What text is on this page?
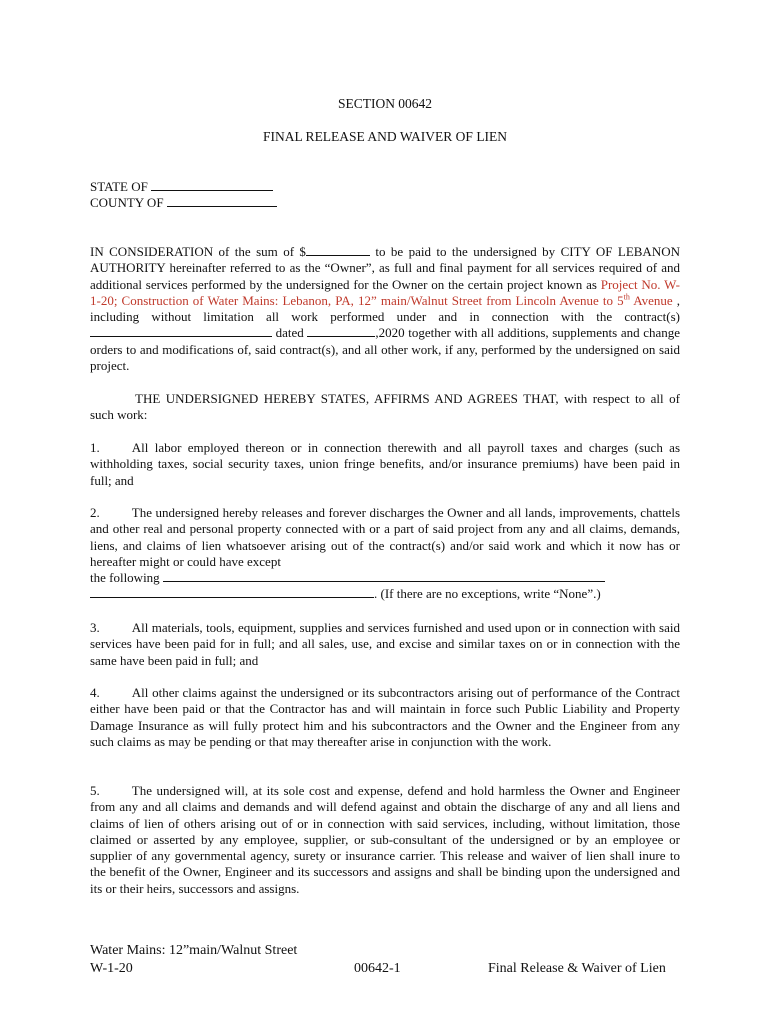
SECTION 00642
FINAL RELEASE AND WAIVER OF LIEN

STATE OF

COUNTY OF

IN CONSIDERATION of the sum of $	to be paid to the undersigned by CITY OF LEBANON AUTHORITY hereinafter referred to as the “Owner”, as full and final payment for all services required of and additional services performed by the undersigned for the Owner on the certain project known as Project No. W-1-20; Construction of Water Mains: Lebanon, PA, 12” main/Walnut Street from Lincoln Avenue to 5th Avenue , including without limitation all work performed under and in connection with the contract(s)  dated	,2020 together with all additions, supplements and change orders to and modifications of, said contract(s), and all other work, if any, performed by the undersigned on said project.

THE UNDERSIGNED HEREBY STATES, AFFIRMS AND AGREES THAT, with respect to all of such work:

1. All labor employed thereon or in connection therewith and all payroll taxes and charges (such as withholding taxes, social security taxes, union fringe benefits, and/or insurance premiums) have been paid in full; and

2. The undersigned hereby releases and forever discharges the Owner and all lands, improvements, chattels and other real and personal property connected with or a part of said project from any and all claims, demands, liens, and claims of lien whatsoever arising out of the contract(s) and/or said work and which it now has or hereafter might or could have except

the following

. (If there are no exceptions, write “None”.)

3. All materials, tools, equipment, supplies and services furnished and used upon or in connection with said services have been paid for in full; and all sales, use, and excise and similar taxes on or in connection with the same have been paid in full; and

4. All other claims against the undersigned or its subcontractors arising out of performance of the Contract either have been paid or that the Contractor has and will maintain in force such Public Liability and Property Damage Insurance as will fully protect him and his subcontractors and the Owner and the Engineer from any such claims as may be pending or that may thereafter arise in conjunction with the work.

5. The undersigned will, at its sole cost and expense, defend and hold harmless the Owner and Engineer from any and all claims and demands and will defend against and obtain the discharge of any and all liens and claims of lien of others arising out of or in connection with said services, including, without limitation, those claimed or asserted by any employee, supplier, or sub-consultant of the undersigned or by an employee or supplier of any governmental agency, surety or insurance carrier. This release and waiver of lien shall inure to the benefit of the Owner, Engineer and its successors and assigns and shall be binding upon the undersigned and its or their heirs, successors and assigns.

Water Mains: 12”main/Walnut Street
W-1-20	00642-1	Final Release & Waiver of Lien
